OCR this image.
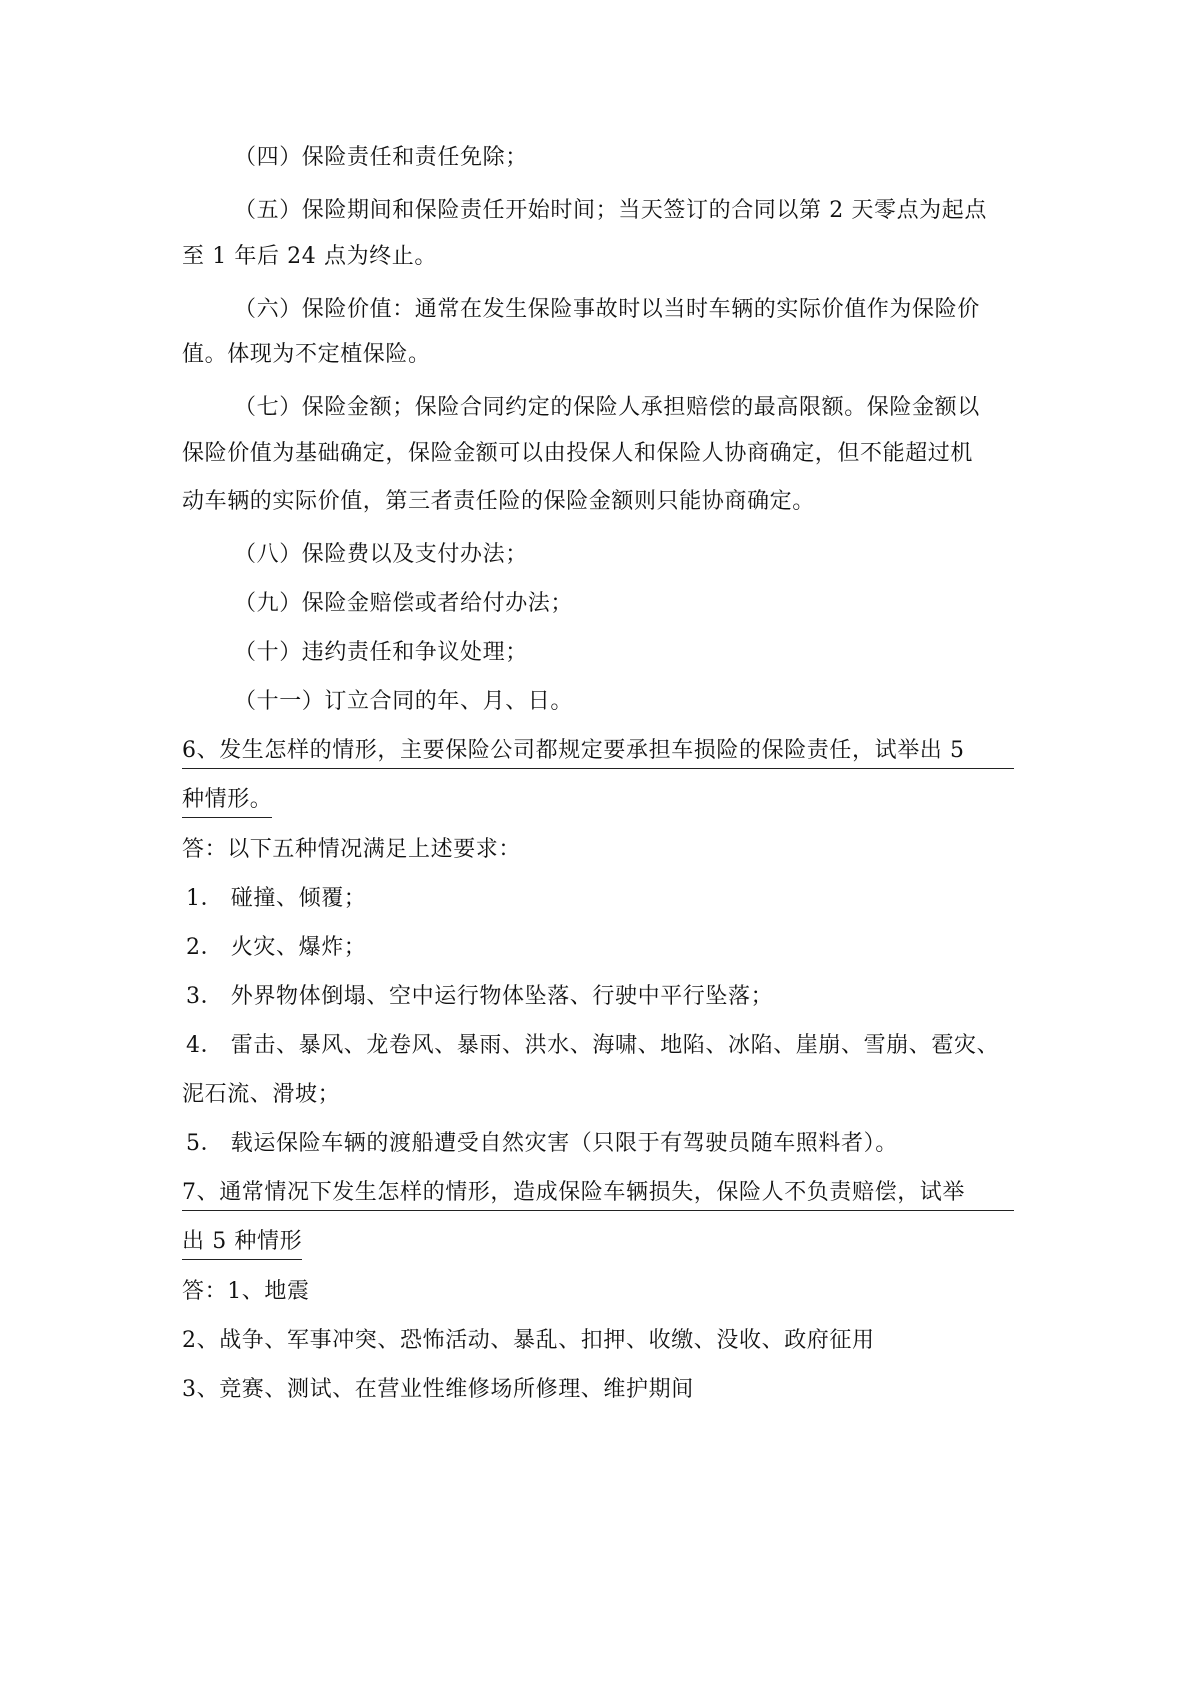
（四）保险责任和责任免除；
（五）保险期间和保险责任开始时间；当天签订的合同以第 2 天零点为起点
至 1 年后 24 点为终止。
（六）保险价值：通常在发生保险事故时以当时车辆的实际价值作为保险价
值。体现为不定植保险。
（七）保险金额；保险合同约定的保险人承担赔偿的最高限额。保险金额以
保险价值为基础确定，保险金额可以由投保人和保险人协商确定，但不能超过机
动车辆的实际价值，第三者责任险的保险金额则只能协商确定。
（八）保险费以及支付办法；
（九）保险金赔偿或者给付办法；
（十）违约责任和争议处理；
（十一）订立合同的年、月、日。
6、发生怎样的情形，主要保险公司都规定要承担车损险的保险责任，试举出 5
种情形。
答：以下五种情况满足上述要求：
1． 碰撞、倾覆；
2． 火灾、爆炸；
3． 外界物体倒塌、空中运行物体坠落、行驶中平行坠落；
4． 雷击、暴风、龙卷风、暴雨、洪水、海啸、地陷、冰陷、崖崩、雪崩、雹灾、
泥石流、滑坡；
5． 载运保险车辆的渡船遭受自然灾害（只限于有驾驶员随车照料者）。
7、通常情况下发生怎样的情形，造成保险车辆损失，保险人不负责赔偿，试举
出 5 种情形
答：1、地震
2、战争、军事冲突、恐怖活动、暴乱、扣押、收缴、没收、政府征用
3、竞赛、测试、在营业性维修场所修理、维护期间
